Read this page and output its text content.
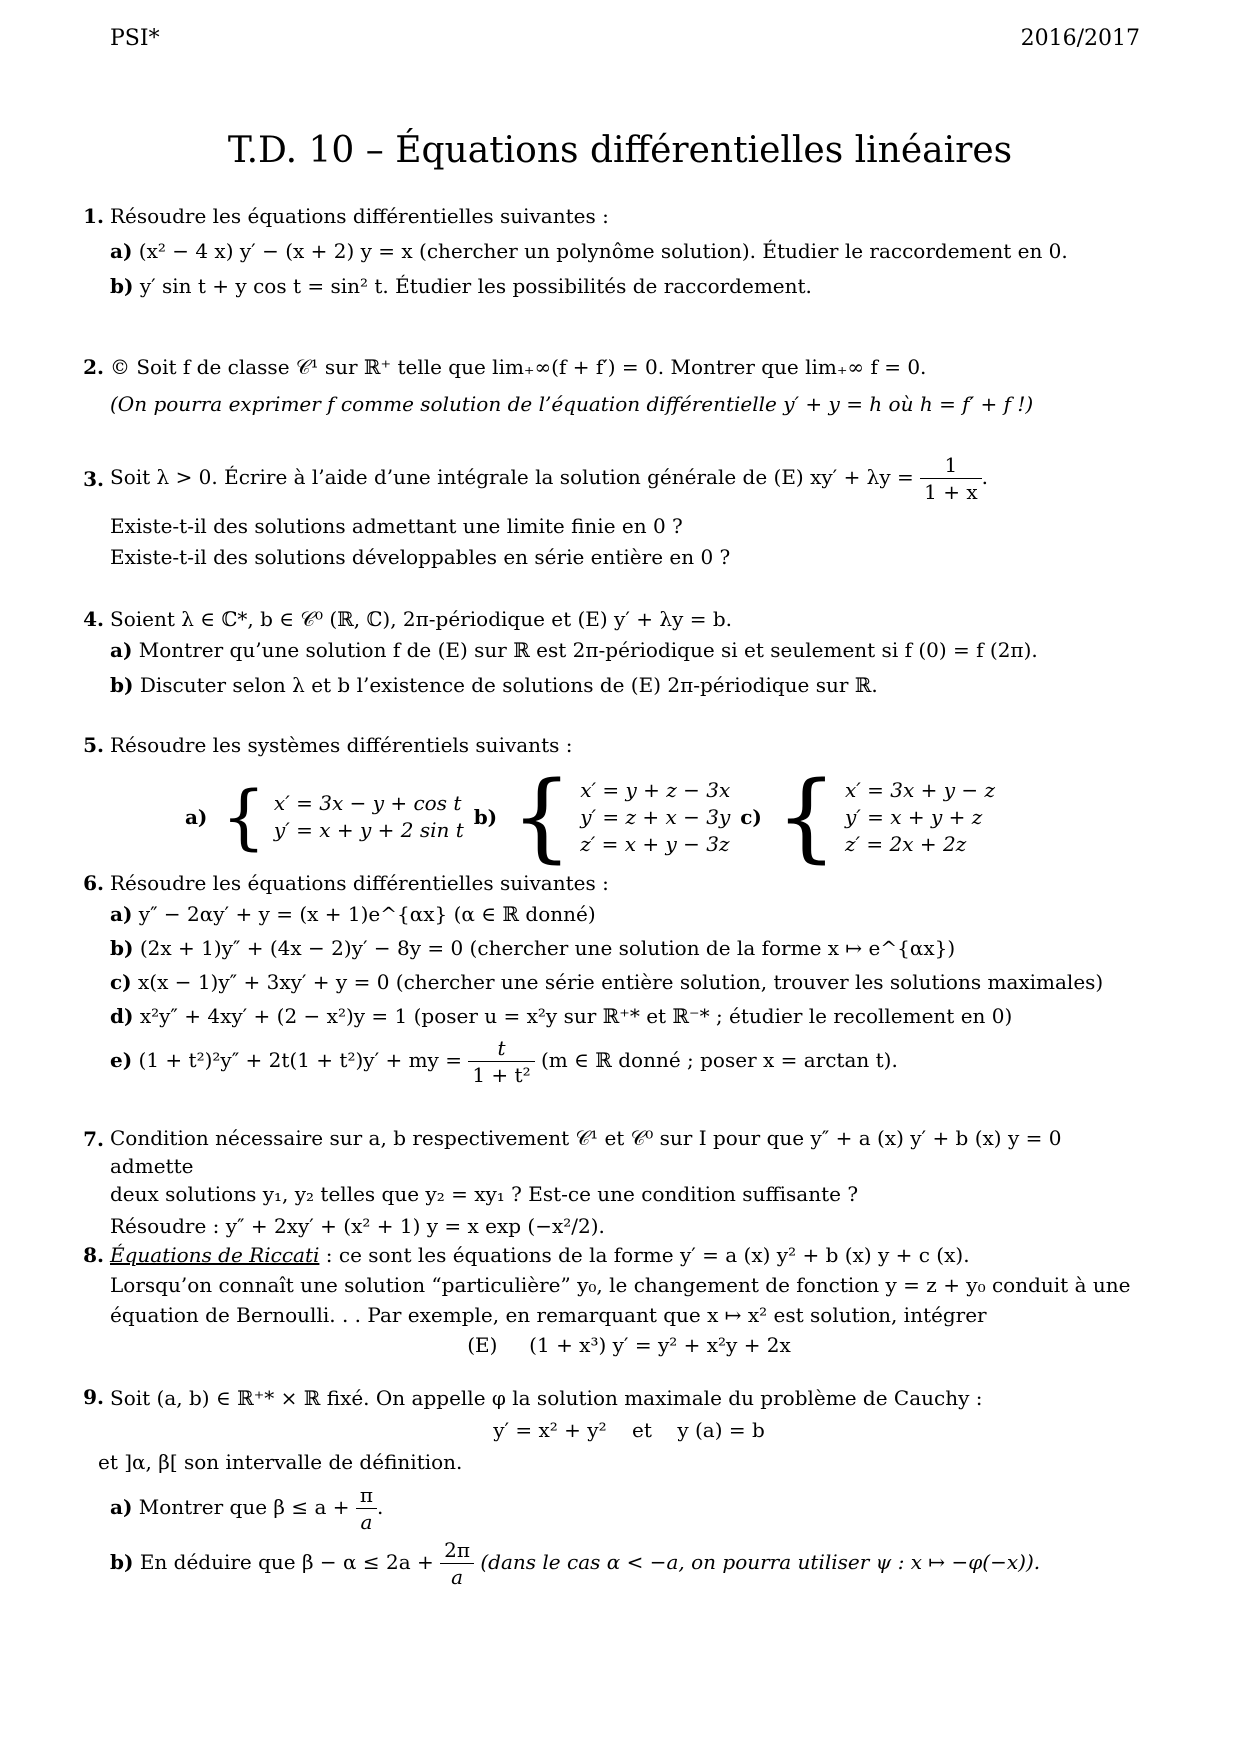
PSI*	2016/2017
T.D. 10 – Équations différentielles linéaires
1. Résoudre les équations différentielles suivantes :
a) (x² − 4 x) y′ − (x + 2) y = x (chercher un polynôme solution). Étudier le raccordement en 0.
b) y′ sin t + y cos t = sin² t. Étudier les possibilités de raccordement.
2. © Soit f de classe 𝒞¹ sur ℝ⁺ telle que lim₊∞(f + f′) = 0. Montrer que lim₊∞ f = 0.
(On pourra exprimer f comme solution de l’équation différentielle y′ + y = h où h = f′ + f !)
3. Soit λ > 0. Écrire à l’aide d’une intégrale la solution générale de (E) $xy' + \lambda y = \frac{1}{1 + x}$ .
Existe-t-il des solutions admettant une limite finie en 0 ?
Existe-t-il des solutions développables en série entière en 0 ?
4. Soient λ ∈ ℂ*, b ∈ 𝒞⁰ (ℝ, ℂ), 2π-périodique et (E) y′ + λy = b.
a) Montrer qu’une solution f de (E) sur ℝ est 2π-périodique si et seulement si f (0) = f (2π).
b) Discuter selon λ et b l’existence de solutions de (E) 2π-périodique sur ℝ.
5. Résoudre les systèmes différentiels suivants :
a) { x′ = 3x − y + cos t
y′ = x + y + 2 sin t
b) { x′ = y + z − 3x
y′ = z + x − 3y
z′ = x + y − 3z
c) { x′ = 3x + y − z
y′ = x + y + z
z′ = 2x + 2z
6. Résoudre les équations différentielles suivantes :
a) y″ − 2αy′ + y = (x + 1)e^{αx} (α ∈ ℝ donné)
b) (2x + 1)y″ + (4x − 2)y′ − 8y = 0 (chercher une solution de la forme x ↦ e^{αx})
c) x(x − 1)y″ + 3xy′ + y = 0 (chercher une série entière solution, trouver les solutions maximales)
d) x²y″ + 4xy′ + (2 − x²)y = 1 (poser u = x²y sur ℝ⁺* et ℝ⁻* ; étudier le recollement en 0)
e) (1 + t²)²y″ + 2t(1 + t²)y′ + my = $\frac{t}{\text{1 + t²}} (m$ ∈ ℝ donné ; poser x = arctan t).
7. Condition nécessaire sur a, b respectivement 𝒞¹ et 𝒞⁰ sur I pour que y″ + a (x) y′ + b (x) y = 0 admette
deux solutions y₁, y₂ telles que y₂ = xy₁ ? Est-ce une condition suffisante ?
Résoudre : y″ + 2xy′ + (x² + 1) y = x exp (−x²/2).
8. Équations de Riccati : ce sont les équations de la forme y′ = a (x) y² + b (x) y + c (x).
Lorsqu’on connaît une solution “particulière” y₀, le changement de fonction y = z + y₀ conduit à une
équation de Bernoulli. . . Par exemple, en remarquant que x ↦ x² est solution, intégrer
(E)     (1 + x³) y′ = y² + x²y + 2x
9. Soit (a, b) ∈ ℝ⁺* × ℝ fixé. On appelle φ la solution maximale du problème de Cauchy :
y′ = x² + y²    et    y (a) = b
et ]α, β[ son intervalle de définition.
a) Montrer que $\beta \le a + \frac{\pi}{a}$ .
b) En déduire que $\beta - \alpha \le 2a + \frac{2\pi}{a}$ (dans le cas α < −a, on pourra utiliser ψ : x ↦ −φ(−x)).
